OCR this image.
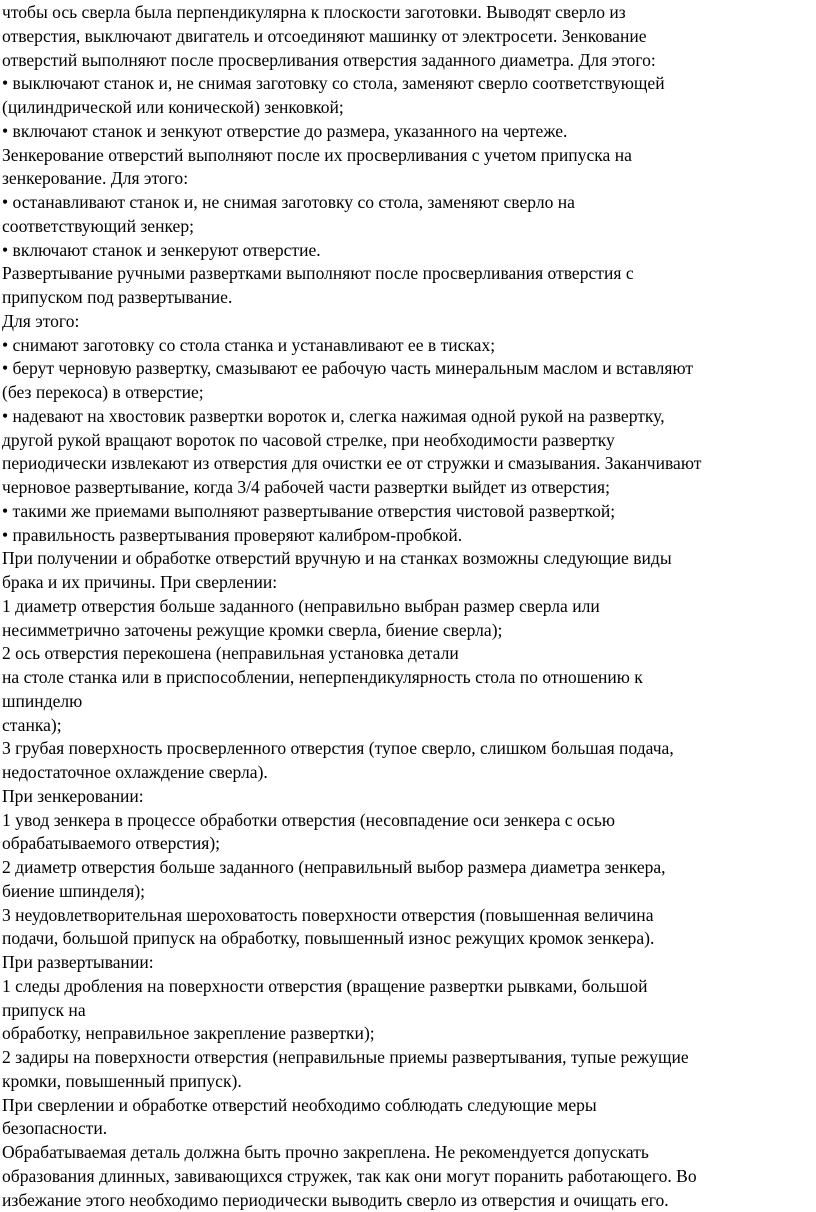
чтобы ось сверла была перпендикулярна к плоскости заготовки. Выводят сверло из
отверстия, выключают двигатель и отсоединяют машинку от электросети. Зенкование
отверстий выполняют после просверливания отверстия заданного диаметра. Для этого:
• выключают станок и, не снимая заготовку со стола, заменяют сверло соответствующей
(цилиндрической или конической) зенковкой;
• включают станок и зенкуют отверстие до размера, указанного на чертеже.
Зенкерование отверстий выполняют после их просверливания с учетом припуска на
зенкерование. Для этого:
• останавливают станок и, не снимая заготовку со стола, заменяют сверло на
соответствующий зенкер;
• включают станок и зенкеруют отверстие.
Развертывание ручными развертками выполняют после просверливания отверстия с
припуском под развертывание.
Для этого:
• снимают заготовку со стола станка и устанавливают ее в тисках;
• берут черновую развертку, смазывают ее рабочую часть минеральным маслом и вставляют
(без перекоса) в отверстие;
• надевают на хвостовик развертки вороток и, слегка нажимая одной рукой на развертку,
другой рукой вращают вороток по часовой стрелке, при необходимости развертку
периодически извлекают из отверстия для очистки ее от стружки и смазывания. Заканчивают
черновое развертывание, когда 3/4 рабочей части развертки выйдет из отверстия;
• такими же приемами выполняют развертывание отверстия чистовой разверткой;
• правильность развертывания проверяют калибром-пробкой.
При получении и обработке отверстий вручную и на станках возможны следующие виды
брака и их причины. При сверлении:
1 диаметр отверстия больше заданного (неправильно выбран размер сверла или
несимметрично заточены режущие кромки сверла, биение сверла);
2 ось отверстия перекошена (неправильная установка детали
на столе станка или в приспособлении, неперпендикулярность стола по отношению к
шпинделю
станка);
3 грубая поверхность просверленного отверстия (тупое сверло, слишком большая подача,
недостаточное охлаждение сверла).
При зенкеровании:
1 увод зенкера в процессе обработки отверстия (несовпадение оси зенкера с осью
обрабатываемого отверстия);
2 диаметр отверстия больше заданного (неправильный выбор размера диаметра зенкера,
биение шпинделя);
3 неудовлетворительная шероховатость поверхности отверстия (повышенная величина
подачи, большой припуск на обработку, повышенный износ режущих кромок зенкера).
При развертывании:
1 следы дробления на поверхности отверстия (вращение развертки рывками, большой
припуск на
обработку, неправильное закрепление развертки);
2 задиры на поверхности отверстия (неправильные приемы развертывания, тупые режущие
кромки, повышенный припуск).
При сверлении и обработке отверстий необходимо соблюдать следующие меры
безопасности.
Обрабатываемая деталь должна быть прочно закреплена. Не рекомендуется допускать
образования длинных, завивающихся стружек, так как они могут поранить работающего. Во
избежание этого необходимо периодически выводить сверло из отверстия и очищать его.
